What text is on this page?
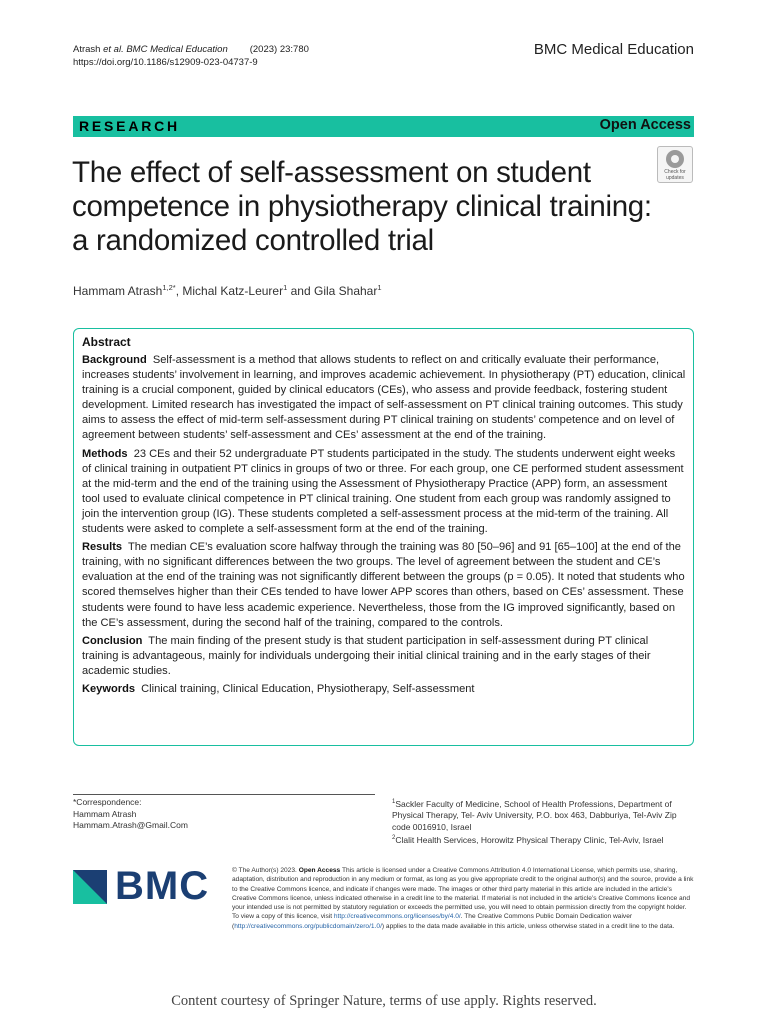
Atrash et al. BMC Medical Education (2023) 23:780
https://doi.org/10.1186/s12909-023-04737-9
BMC Medical Education
RESEARCH	Open Access
Check for
updates
The effect of self-assessment on student competence in physiotherapy clinical training: a randomized controlled trial
Hammam Atrash$^{1,2*}$, Michal Katz-Leurer$^1$ and Gila Shahar$^1$
Abstract

Background Self-assessment is a method that allows students to reflect on and critically evaluate their performance, increases students’ involvement in learning, and improves academic achievement. In physiotherapy (PT) education, clinical training is a crucial component, guided by clinical educators (CEs), who assess and provide feedback, fostering student development. Limited research has investigated the impact of self-assessment on PT clinical training outcomes. This study aims to assess the effect of mid-term self-assessment during PT clinical training on students’ competence and on level of agreement between students’ self-assessment and CEs’ assessment at the end of the training.

Methods 23 CEs and their 52 undergraduate PT students participated in the study. The students underwent eight weeks of clinical training in outpatient PT clinics in groups of two or three. For each group, one CE performed student assessment at the mid-term and the end of the training using the Assessment of Physiotherapy Practice (APP) form, an assessment tool used to evaluate clinical competence in PT clinical training. One student from each group was randomly assigned to join the intervention group (IG). These students completed a self-assessment process at the mid-term of the training. All students were asked to complete a self-assessment form at the end of the training.

Results The median CE’s evaluation score halfway through the training was 80 [50–96] and 91 [65–100] at the end of the training, with no significant differences between the two groups. The level of agreement between the student and CE’s evaluation at the end of the training was not significantly different between the groups (p = 0.05). It noted that students who scored themselves higher than their CEs tended to have lower APP scores than others, based on CEs’ assessment. These students were found to have less academic experience. Nevertheless, those from the IG improved significantly, based on the CE’s assessment, during the second half of the training, compared to the controls.

Conclusion The main finding of the present study is that student participation in self-assessment during PT clinical training is advantageous, mainly for individuals undergoing their initial clinical training and in the early stages of their academic studies.

Keywords Clinical training, Clinical Education, Physiotherapy, Self-assessment

*Correspondence:
Hammam Atrash
Hammam.Atrash@Gmail.Com
$^1$Sackler Faculty of Medicine, School of Health Professions, Department of Physical Therapy, Tel- Aviv University, P.O. box 463, Dabburiya, Tel-Aviv Zip code 0016910, Israel
$^2$Clalit Health Services, Horowitz Physical Therapy Clinic, Tel-Aviv, Israel
BMC	© The Author(s) 2023. Open Access This article is licensed under a Creative Commons Attribution 4.0 International License, which permits use, sharing, adaptation, distribution and reproduction in any medium or format, as long as you give appropriate credit to the original author(s) and the source, provide a link to the Creative Commons licence, and indicate if changes were made. The images or other third party material in this article are included in the article’s Creative Commons licence, unless indicated otherwise in a credit line to the material. If material is not included in the article’s Creative Commons licence and your intended use is not permitted by statutory regulation or exceeds the permitted use, you will need to obtain permission directly from the copyright holder. To view a copy of this licence, visit http://creativecommons.org/licenses/by/4.0/. The Creative Commons Public Domain Dedication waiver (http://creativecommons.org/publicdomain/zero/1.0/) applies to the data made available in this article, unless otherwise stated in a credit line to the data.
Content courtesy of Springer Nature, terms of use apply. Rights reserved.
